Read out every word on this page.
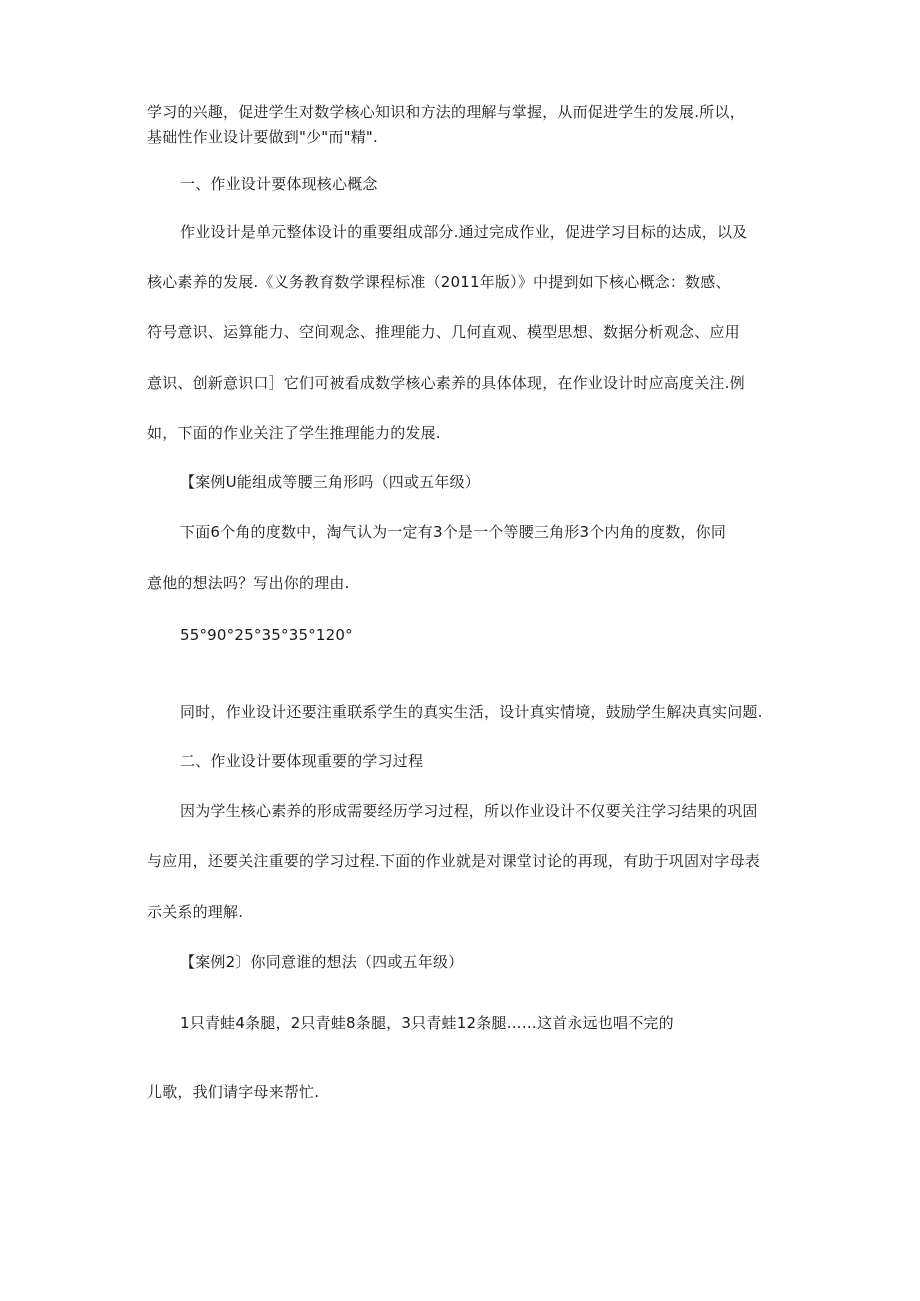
学习的兴趣，促进学生对数学核心知识和方法的理解与掌握，从而促进学生的发展.所以，
基础性作业设计要做到"少"而"精".
一、作业设计要体现核心概念
作业设计是单元整体设计的重要组成部分.通过完成作业，促进学习目标的达成，以及
核心素养的发展.《义务教育数学课程标准（2011年版）》中提到如下核心概念：数感、
符号意识、运算能力、空间观念、推理能力、几何直观、模型思想、数据分析观念、应用
意识、创新意识口］它们可被看成数学核心素养的具体体现，在作业设计时应高度关注.例
如，下面的作业关注了学生推理能力的发展.
【案例U能组成等腰三角形吗（四或五年级）
下面6个角的度数中，淘气认为一定有3个是一个等腰三角形3个内角的度数，你同
意他的想法吗？写出你的理由.
55°90°25°35°35°120°
同时，作业设计还要注重联系学生的真实生活，设计真实情境，鼓励学生解决真实问题.
二、作业设计要体现重要的学习过程
因为学生核心素养的形成需要经历学习过程，所以作业设计不仅要关注学习结果的巩固
与应用，还要关注重要的学习过程.下面的作业就是对课堂讨论的再现，有助于巩固对字母表
示关系的理解.
【案例2〕你同意谁的想法（四或五年级）
1只青蛙4条腿，2只青蛙8条腿，3只青蛙12条腿……这首永远也唱不完的
儿歌，我们请字母来帮忙.
